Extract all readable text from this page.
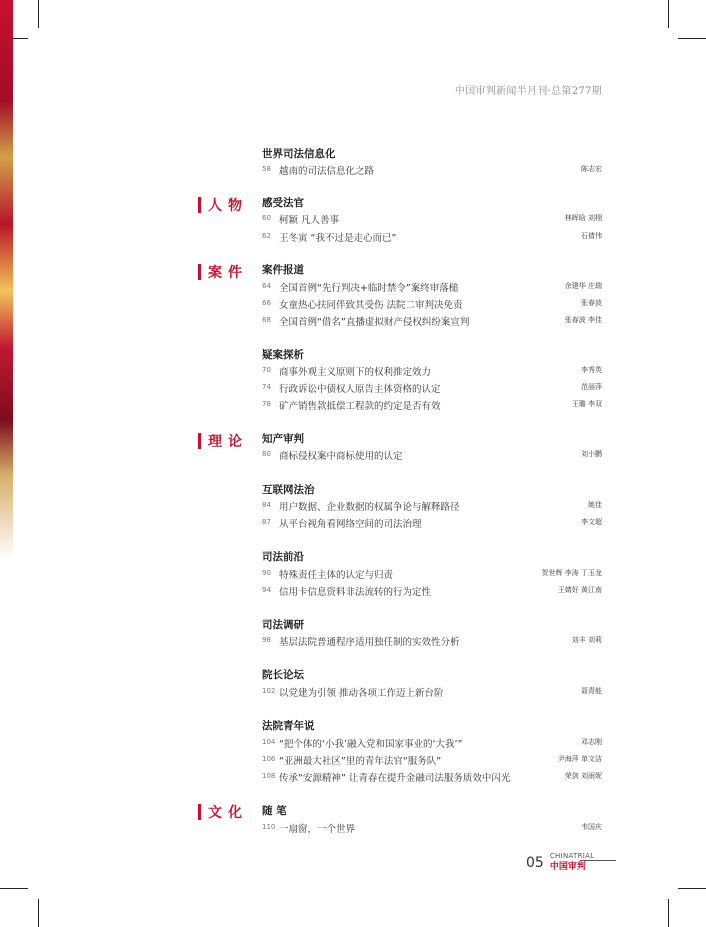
中国审判新闻半月刊·总第277期
人物
案件
理论
文化
世界司法信息化
58 越南的司法信息化之路	陈志宏
感受法官
60 柯颖 凡人善事	林晖晗 刘栩
62 王冬寅 “我不过是走心而已”	石倩伟
案件报道
64 全国首例“先行判决+临时禁令”案终审落槌	余建华 庄瑞
66 女童热心扶同伴致其受伤 法院二审判决免责	张春波
68 全国首例“借名”直播虚拟财产侵权纠纷案宣判	张春波 李佳
疑案探析
70 商事外观主义原则下的权利推定效力	李秀英
74 行政诉讼中债权人原告主体资格的认定	范丽萍
78 矿产销售款抵偿工程款的约定是否有效	王璐 李双
知产审判
80 商标侵权案中商标使用的认定	刘小鹏
互联网法治
84 用户数据、企业数据的权属争论与解释路径	姚佳
87 从平台视角看网络空间的司法治理	李文超
司法前沿
90 特殊责任主体的认定与归责	贺世辉 李涛 丁玉龙
94 信用卡信息资料非法流转的行为定性	王婧好 黄江南
司法调研
98 基层法院普通程序适用独任制的实效性分析	刘丰 刘莉
院长论坛
102 以党建为引领 推动各项工作迈上新台阶	聂青能
法院青年说
104 “把个体的‘小我’融入党和国家事业的‘大我’”	邓志刚
106 “亚洲最大社区”里的青年法官“服务队”	尹海萍 单文洁
108 传承“安源精神” 让青春在提升金融司法服务质效中闪光	荣剑 刘雨妮
随 笔
110 一扇窗，一个世界	韦国庆
05 CHINATRIAL
中国审判
